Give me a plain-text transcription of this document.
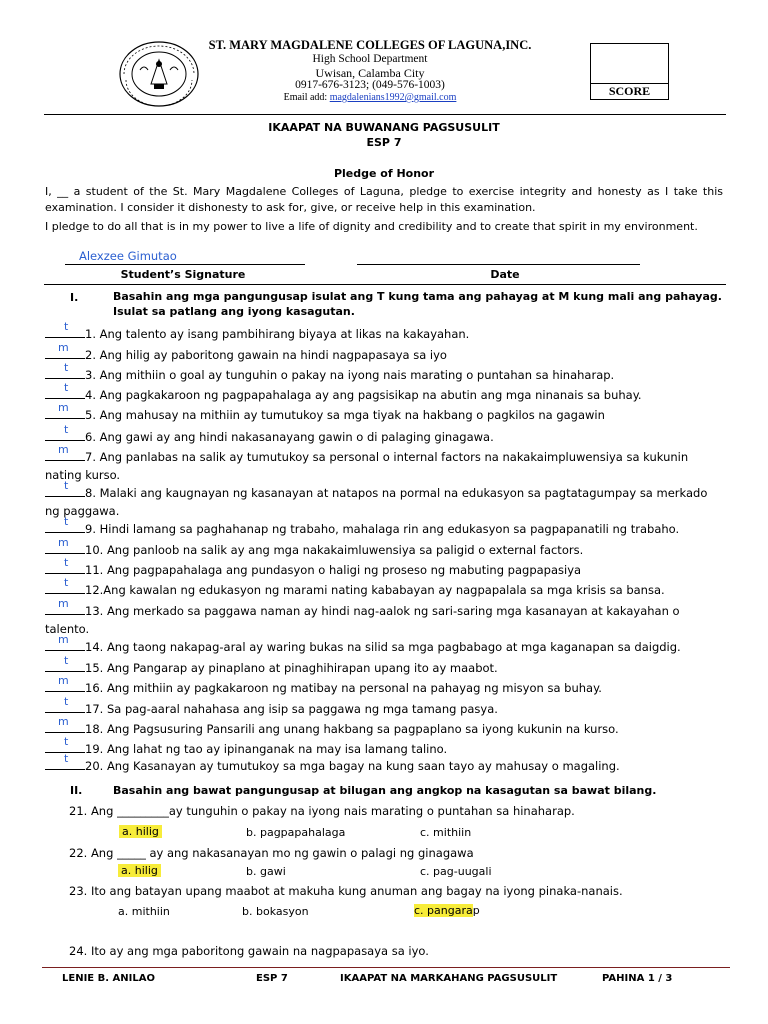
ST. MARY MAGDALENE COLLEGES OF LAGUNA,INC.
High School Department
Uwisan, Calamba City
0917-676-3123; (049-576-1003)
Email add: magdalenians1992@gmail.com	SCORE
IKAAPAT NA BUWANANG PAGSUSULIT
ESP 7
Pledge of Honor
I, __ a student of the St. Mary Magdalene Colleges of Laguna, pledge to exercise integrity and honesty as I take this examination. I consider it dishonesty to ask for, give, or receive help in this examination.
I pledge to do all that is in my power to live a life of dignity and credibility and to create that spirit in my environment.
Alexzee Gimutao
Student’s Signature	Date
I.	Basahin ang mga pangungusap isulat ang T kung tama ang pahayag at M kung mali ang pahayag. Isulat sa patlang ang iyong kasagutan.
t
1. Ang talento ay isang pambihirang biyaya at likas na kakayahan.
m
2. Ang hilig ay paboritong gawain na hindi nagpapasaya sa iyo
t
3. Ang mithiin o goal ay tunguhin o pakay na iyong nais marating o puntahan sa hinaharap.
t
4. Ang pagkakaroon ng pagpapahalaga ay ang pagsisikap na abutin ang mga ninanais sa buhay.
m
5. Ang mahusay na mithiin ay tumutukoy sa mga tiyak na hakbang o pagkilos na gagawin
t
6. Ang gawi ay ang hindi nakasanayang gawin o di palaging ginagawa.
m
7. Ang panlabas na salik ay tumutukoy sa personal o internal factors na nakakaimpluwensiya sa kukunin nating kurso.
t
8. Malaki ang kaugnayan ng kasanayan at natapos na pormal na edukasyon sa pagtatagumpay sa merkado ng paggawa.
t
9. Hindi lamang sa paghahanap ng trabaho, mahalaga rin ang edukasyon sa pagpapanatili ng trabaho.
m
10. Ang panloob na salik ay ang mga nakakaimluwensiya sa paligid o external factors.
t
11. Ang pagpapahalaga ang pundasyon o haligi ng proseso ng mabuting pagpapasiya
t
12.Ang kawalan ng edukasyon ng marami nating kababayan ay nagpapalala sa mga krisis sa bansa.
m
13. Ang merkado sa paggawa naman ay hindi nag-aalok ng sari-saring mga kasanayan at kakayahan o talento.
m
14. Ang taong nakapag-aral ay waring bukas na silid sa mga pagbabago at mga kaganapan sa daigdig.
t
15. Ang Pangarap ay pinaplano at pinaghihirapan upang ito ay maabot.
m
16. Ang mithiin ay pagkakaroon ng matibay na personal na pahayag ng misyon sa buhay.
t
17. Sa pag-aaral nahahasa ang isip sa paggawa ng mga tamang pasya.
m
18. Ang Pagsusuring Pansarili ang unang hakbang sa pagpaplano sa iyong kukunin na kurso.
t
19. Ang lahat ng tao ay ipinanganak na may isa lamang talino.
t
20. Ang Kasanayan ay tumutukoy sa mga bagay na kung saan tayo ay mahusay o magaling.
II.	Basahin ang bawat pangungusap at bilugan ang angkop na kasagutan sa bawat bilang.
21. Ang _________ay tunguhin o pakay na iyong nais marating o puntahan sa hinaharap.
a. hilig	b. pagpapahalaga	c. mithiin
22. Ang _____ ay ang nakasanayan mo ng gawin o palagi ng ginagawa
a. hilig	b. gawi	c. pag-uugali
23. Ito ang batayan upang maabot at makuha kung anuman ang bagay na iyong pinaka-nanais.
a. mithiin	b. bokasyon	c. pangarap
24. Ito ay ang mga paboritong gawain na nagpapasaya sa iyo.
LENIE B. ANILAO	ESP 7	IKAAPAT NA MARKAHANG PAGSUSULIT	PAHINA 1 / 3
